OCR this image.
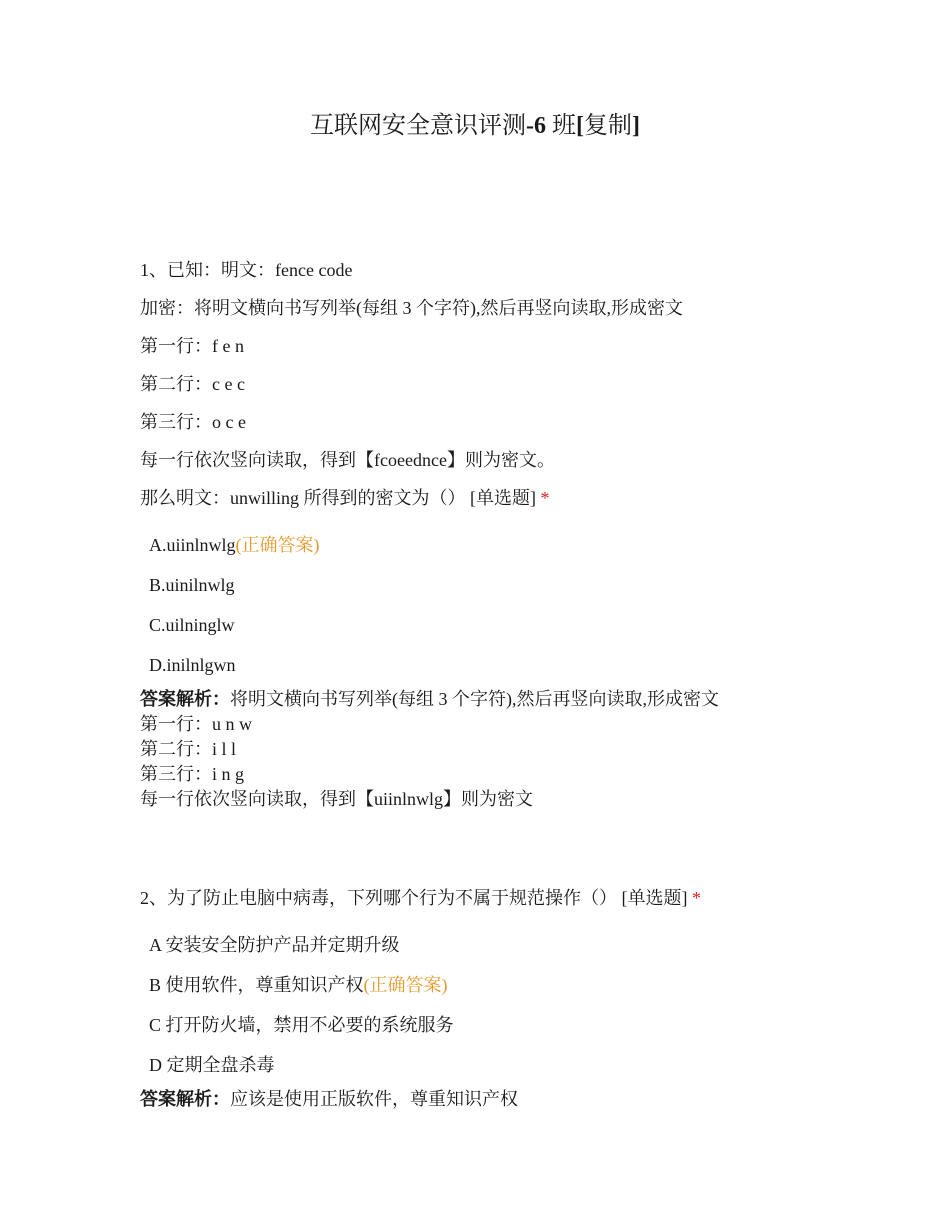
互联网安全意识评测-6 班[复制]
1、已知：明文：fence code
加密：将明文横向书写列举(每组 3 个字符),然后再竖向读取,形成密文
第一行：f e n
第二行：c e c
第三行：o c e
每一行依次竖向读取，得到【fcoeednce】则为密文。
那么明文：unwilling 所得到的密文为（） [单选题] *
A.uiinlnwlg(正确答案)
B.uinilnwlg
C.uilninglw
D.inilnlgwn
答案解析：将明文横向书写列举(每组 3 个字符),然后再竖向读取,形成密文
第一行：u n w
第二行：i l l
第三行：i n g
每一行依次竖向读取，得到【uiinlnwlg】则为密文
2、为了防止电脑中病毒，下列哪个行为不属于规范操作（） [单选题] *
A 安装安全防护产品并定期升级
B 使用软件，尊重知识产权(正确答案)
C 打开防火墙，禁用不必要的系统服务
D 定期全盘杀毒
答案解析：应该是使用正版软件，尊重知识产权
